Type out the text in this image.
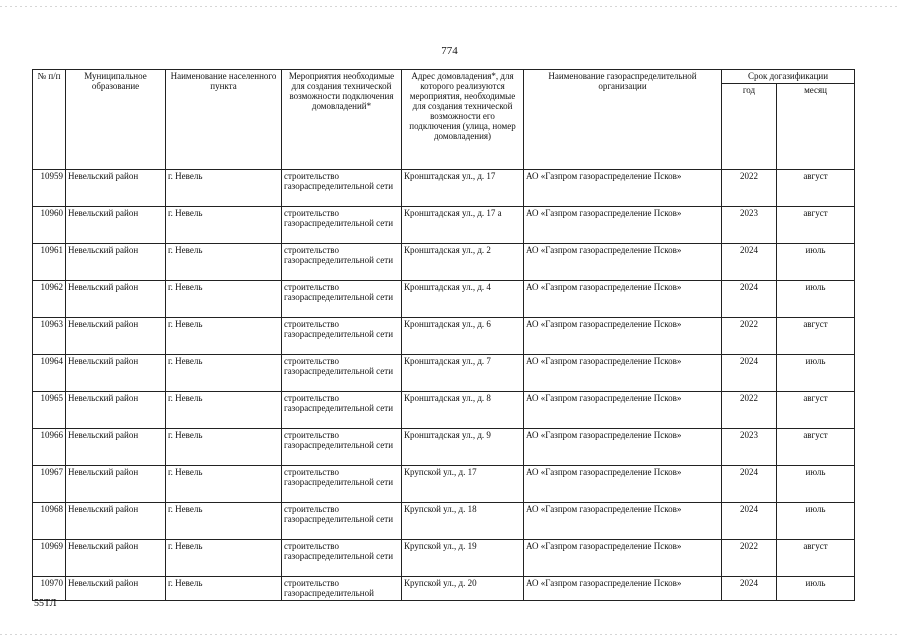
774
№ п/п	Муниципальное образование	Наименование населенного пункта	Мероприятия необходимые для создания технической возможности подключения домовладений*	Адрес домовладения*, для которого реализуются мероприятия, необходимые для создания технической возможности его подключения (улица, номер домовладения)	Наименование газораспределительной организации	Срок догазификации	
						год	месяц
10959	Невельский район	г. Невель	строительство газораспределительной сети	Кронштадская ул., д. 17	АО «Газпром газораспределение Псков»	2022	август
10960	Невельский район	г. Невель	строительство газораспределительной сети	Кронштадская ул., д. 17 а	АО «Газпром газораспределение Псков»	2023	август
10961	Невельский район	г. Невель	строительство газораспределительной сети	Кронштадская ул., д. 2	АО «Газпром газораспределение Псков»	2024	июль
10962	Невельский район	г. Невель	строительство газораспределительной сети	Кронштадская ул., д. 4	АО «Газпром газораспределение Псков»	2024	июль
10963	Невельский район	г. Невель	строительство газораспределительной сети	Кронштадская ул., д. 6	АО «Газпром газораспределение Псков»	2022	август
10964	Невельский район	г. Невель	строительство газораспределительной сети	Кронштадская ул., д. 7	АО «Газпром газораспределение Псков»	2024	июль
10965	Невельский район	г. Невель	строительство газораспределительной сети	Кронштадская ул., д. 8	АО «Газпром газораспределение Псков»	2022	август
10966	Невельский район	г. Невель	строительство газораспределительной сети	Кронштадская ул., д. 9	АО «Газпром газораспределение Псков»	2023	август
10967	Невельский район	г. Невель	строительство газораспределительной сети	Крупской ул., д. 17	АО «Газпром газораспределение Псков»	2024	июль
10968	Невельский район	г. Невель	строительство газораспределительной сети	Крупской ул., д. 18	АО «Газпром газораспределение Псков»	2024	июль
10969	Невельский район	г. Невель	строительство газораспределительной сети	Крупской ул., д. 19	АО «Газпром газораспределение Псков»	2022	август
10970	Невельский район	г. Невель	строительство газораспределительной	Крупской ул., д. 20	АО «Газпром газораспределение Псков»	2024	июль
55ТЛ
